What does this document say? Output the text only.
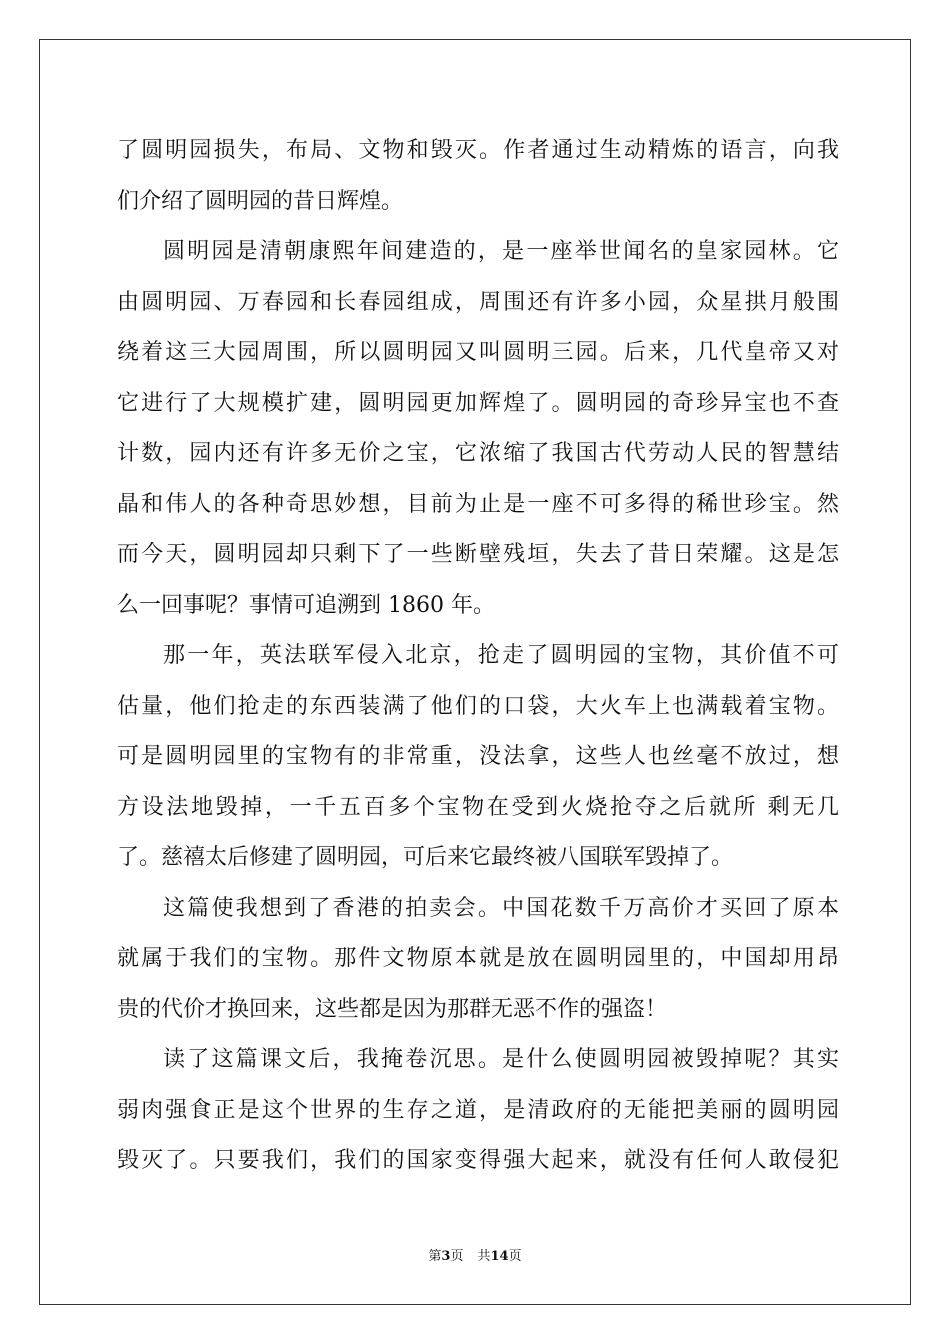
了圆明园损失，布局、文物和毁灭。作者通过生动精炼的语言，向我
们介绍了圆明园的昔日辉煌。
圆明园是清朝康熙年间建造的，是一座举世闻名的皇家园林。它
由圆明园、万春园和长春园组成，周围还有许多小园，众星拱月般围
绕着这三大园周围，所以圆明园又叫圆明三园。后来，几代皇帝又对
它进行了大规模扩建，圆明园更加辉煌了。圆明园的奇珍异宝也不查
计数，园内还有许多无价之宝，它浓缩了我国古代劳动人民的智慧结
晶和伟人的各种奇思妙想，目前为止是一座不可多得的稀世珍宝。然
而今天，圆明园却只剩下了一些断壁残垣，失去了昔日荣耀。这是怎
么一回事呢？事情可追溯到 1860 年。
那一年，英法联军侵入北京，抢走了圆明园的宝物，其价值不可
估量，他们抢走的东西装满了他们的口袋，大火车上也满载着宝物。
可是圆明园里的宝物有的非常重，没法拿，这些人也丝毫不放过，想
方设法地毁掉，一千五百多个宝物在受到火烧抢夺之后就所 剩无几
了。慈禧太后修建了圆明园，可后来它最终被八国联军毁掉了。
这篇使我想到了香港的拍卖会。中国花数千万高价才买回了原本
就属于我们的宝物。那件文物原本就是放在圆明园里的，中国却用昂
贵的代价才换回来，这些都是因为那群无恶不作的强盗！
读了这篇课文后，我掩卷沉思。是什么使圆明园被毁掉呢？其实
弱肉强食正是这个世界的生存之道，是清政府的无能把美丽的圆明园
毁灭了。只要我们，我们的国家变得强大起来，就没有任何人敢侵犯
第3页 共14页
